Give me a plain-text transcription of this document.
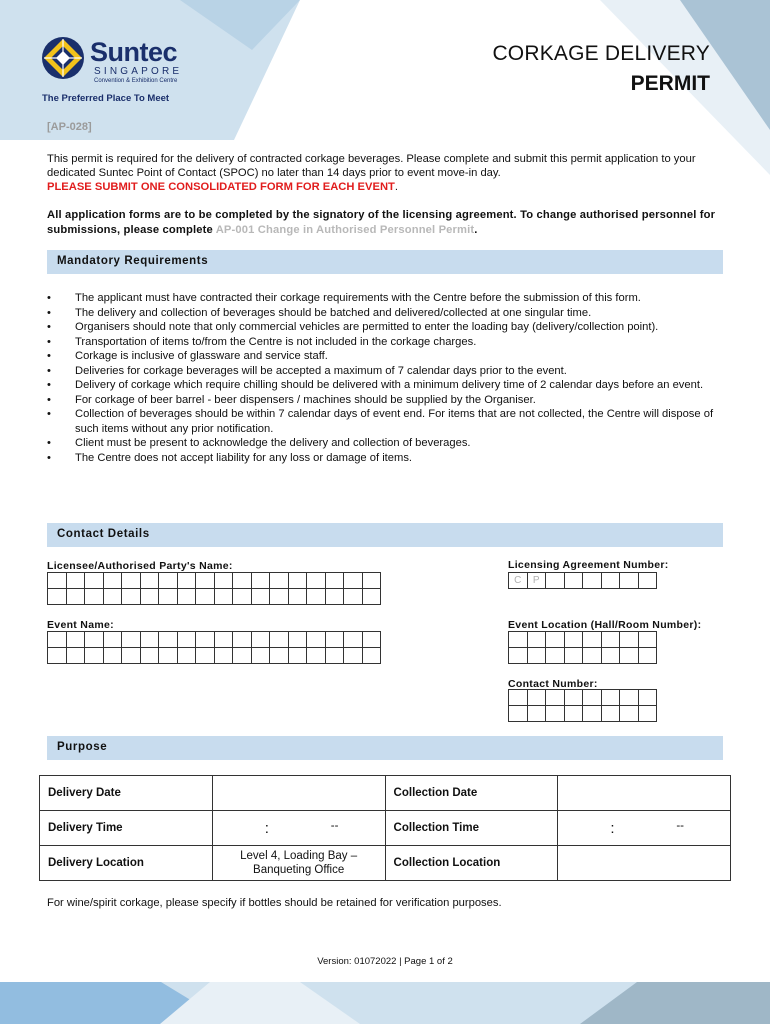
Suntec
SINGAPORE
Convention & Exhibition Centre
The Preferred Place To Meet
CORKAGE DELIVERY
PERMIT
[AP-028]
This permit is required for the delivery of contracted corkage beverages. Please complete and submit this permit application to your dedicated Suntec Point of Contact (SPOC) no later than 14 days prior to event move-in day.
PLEASE SUBMIT ONE CONSOLIDATED FORM FOR EACH EVENT.
All application forms are to be completed by the signatory of the licensing agreement. To change authorised personnel for submissions, please complete AP-001 Change in Authorised Personnel Permit.
Mandatory Requirements
• The applicant must have contracted their corkage requirements with the Centre before the submission of this form.
• The delivery and collection of beverages should be batched and delivered/collected at one singular time.
• Organisers should note that only commercial vehicles are permitted to enter the loading bay (delivery/collection point).
• Transportation of items to/from the Centre is not included in the corkage charges.
• Corkage is inclusive of glassware and service staff.
• Deliveries for corkage beverages will be accepted a maximum of 7 calendar days prior to the event.
• Delivery of corkage which require chilling should be delivered with a minimum delivery time of 2 calendar days before an event.
• For corkage of beer barrel - beer dispensers / machines should be supplied by the Organiser.
• Collection of beverages should be within 7 calendar days of event end. For items that are not collected, the Centre will dispose of such items without any prior notification.
• Client must be present to acknowledge the delivery and collection of beverages.
• The Centre does not accept liability for any loss or damage of items.
Contact Details
Licensee/Authorised Party's Name:

																		Licensing Agreement Number:
C	P						
Event Name:

																		Event Location (Hall/Room Number):

Contact Number:

Purpose
Delivery Date		Collection Date	
Delivery Time	: --	Collection Time	: --

Delivery Location	Level 4, Loading Bay – Banqueting Office	Collection Location	
For wine/spirit corkage, please specify if bottles should be retained for verification purposes.
Version: 01072022 | Page 1 of 2
